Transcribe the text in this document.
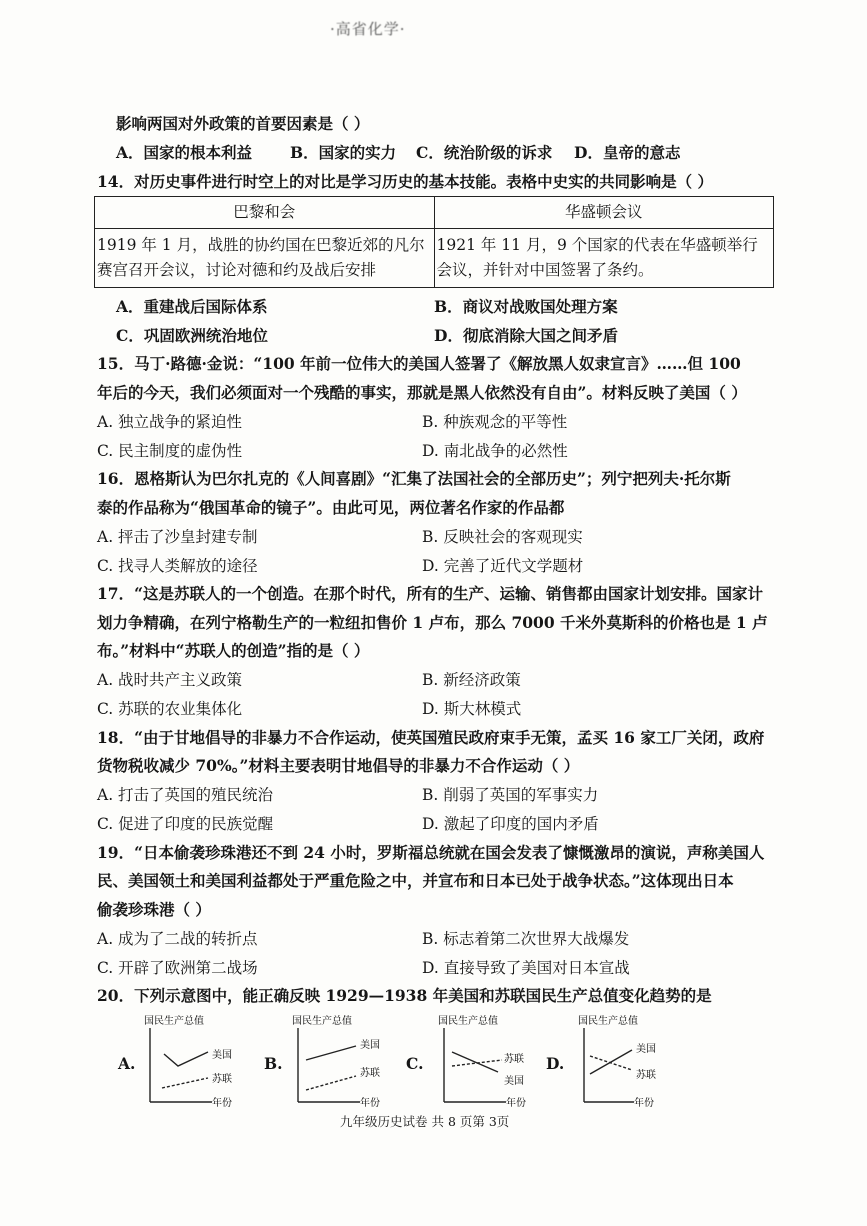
·高省化学·
影响两国对外政策的首要因素是（ ）
A．国家的根本利益 B．国家的实力 C．统治阶级的诉求 D．皇帝的意志
14．对历史事件进行时空上的对比是学习历史的基本技能。表格中史实的共同影响是（ ）
巴黎和会	华盛顿会议
1919 年 1 月，战胜的协约国在巴黎近郊的凡尔赛宫召开会议，讨论对德和约及战后安排	1921 年 11 月，9 个国家的代表在华盛顿举行会议，并针对中国签署了条约。
A．重建战后国际体系	B．商议对战败国处理方案
C．巩固欧洲统治地位	D．彻底消除大国之间矛盾
15．马丁·路德·金说：“100 年前一位伟大的美国人签署了《解放黑人奴隶宣言》……但 100
年后的今天，我们必须面对一个残酷的事实，那就是黑人依然没有自由”。材料反映了美国（ ）
A. 独立战争的紧迫性	B. 种族观念的平等性
C. 民主制度的虚伪性	D. 南北战争的必然性
16．恩格斯认为巴尔扎克的《人间喜剧》“汇集了法国社会的全部历史”；列宁把列夫·托尔斯
泰的作品称为“俄国革命的镜子”。由此可见，两位著名作家的作品都
A. 抨击了沙皇封建专制	B. 反映社会的客观现实
C. 找寻人类解放的途径	D. 完善了近代文学题材
17．“这是苏联人的一个创造。在那个时代，所有的生产、运输、销售都由国家计划安排。国家计
划力争精确，在列宁格勒生产的一粒纽扣售价 1 卢布，那么 7000 千米外莫斯科的价格也是 1 卢
布。”材料中“苏联人的创造”指的是（ ）
A. 战时共产主义政策	B. 新经济政策
C. 苏联的农业集体化	D. 斯大林模式
18．“由于甘地倡导的非暴力不合作运动，使英国殖民政府束手无策，孟买 16 家工厂关闭，政府
货物税收减少 70%。”材料主要表明甘地倡导的非暴力不合作运动（ ）
A. 打击了英国的殖民统治	B. 削弱了英国的军事实力
C. 促进了印度的民族觉醒	D. 激起了印度的国内矛盾
19．“日本偷袭珍珠港还不到 24 小时，罗斯福总统就在国会发表了慷慨激昂的演说，声称美国人
民、美国领土和美国利益都处于严重危险之中，并宣布和日本已处于战争状态。”这体现出日本
偷袭珍珠港（ ）
A. 成为了二战的转折点	B. 标志着第二次世界大战爆发
C. 开辟了欧洲第二战场	D. 直接导致了美国对日本宣战
20．下列示意图中，能正确反映 1929—1938 年美国和苏联国民生产总值变化趋势的是
A.	B.	C.	D.
国民生产总值
美国
苏联
年份
国民生产总值
美国
苏联
年份
国民生产总值
苏联
美国
年份
国民生产总值
美国
苏联
年份
九年级历史试卷 共 8 页第 3页
